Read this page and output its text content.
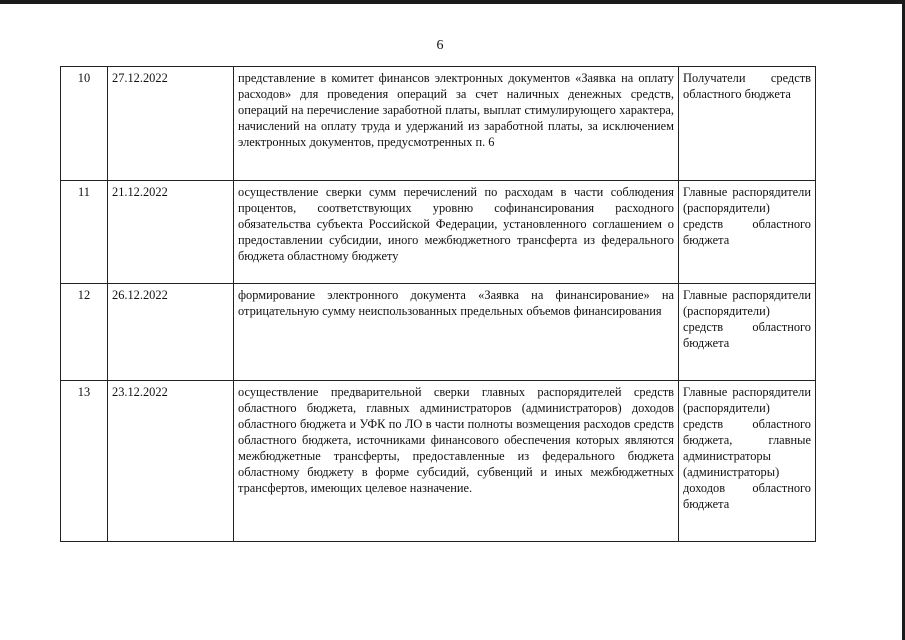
6
10	27.12.2022	представление в комитет финансов электронных документов «Заявка на оплату расходов» для проведения операций за счет наличных денежных средств, операций на перечисление заработной платы, выплат стимулирующего характера, начислений на оплату труда и удержаний из заработной платы, за исключением электронных документов, предусмотренных п. 6	Получатели средств областного бюджета
11	21.12.2022	осуществление сверки сумм перечислений по расходам в части соблюдения процентов, соответствующих уровню софинансирования расходного обязательства субъекта Российской Федерации, установленного соглашением о предоставлении субсидии, иного межбюджетного трансферта из федерального бюджета областному бюджету	Главные распорядители (распорядители) средств областного бюджета
12	26.12.2022	формирование электронного документа «Заявка на финансирование» на отрицательную сумму неиспользованных предельных объемов финансирования	Главные распорядители (распорядители) средств областного бюджета
13	23.12.2022	осуществление предварительной сверки главных распорядителей средств областного бюджета, главных администраторов (администраторов) доходов областного бюджета и УФК по ЛО в части полноты возмещения расходов средств областного бюджета, источниками финансового обеспечения которых являются межбюджетные трансферты, предоставленные из федерального бюджета областному бюджету в форме субсидий, субвенций и иных межбюджетных трансфертов, имеющих целевое назначение.	Главные распорядители (распорядители) средств областного бюджета, главные администраторы (администраторы) доходов областного бюджета
